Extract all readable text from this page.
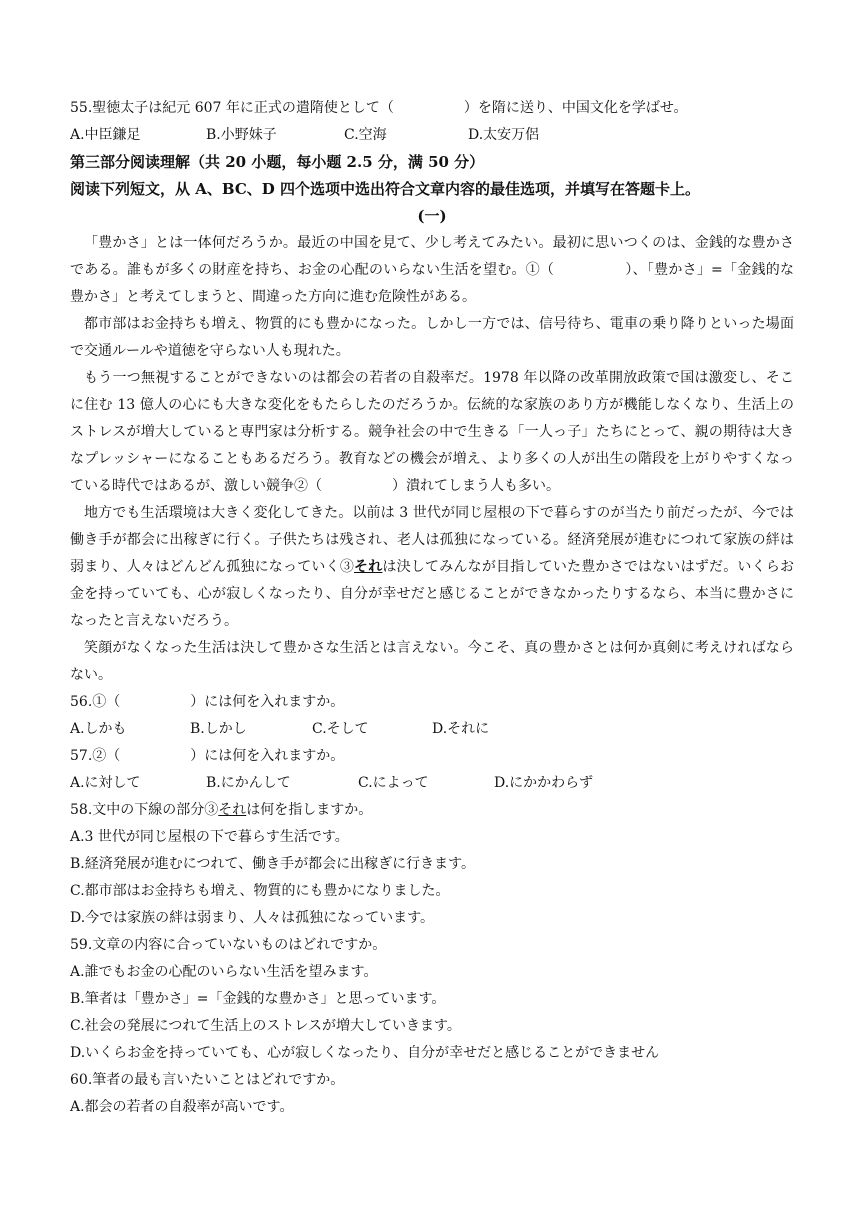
55.聖徳太子は紀元 607 年に正式の遣隋使として（　　　　　）を隋に送り、中国文化を学ばせ。
A.中臣鎌足	B.小野妹子	C.空海	D.太安万侶
第三部分阅读理解（共 20 小题，每小题 2.5 分，满 50 分）
阅读下列短文，从 A、BC、D 四个选项中选出符合文章内容的最佳选项，并填写在答题卡上。
(一)
「豊かさ」とは一体何だろうか。最近の中国を見て、少し考えてみたい。最初に思いつくのは、金銭的な豊かさである。誰もが多くの財産を持ち、お金の心配のいらない生活を望む。①（　　　　　）、「豊かさ」=「金銭的な豊かさ」と考えてしまうと、間違った方向に進む危険性がある。
都市部はお金持ちも増え、物質的にも豊かになった。しかし一方では、信号待ち、電車の乗り降りといった場面で交通ルールや道徳を守らない人も現れた。
もう一つ無視することができないのは都会の若者の自殺率だ。1978 年以降の改革開放政策で国は激変し、そこに住む 13 億人の心にも大きな変化をもたらしたのだろうか。伝統的な家族のあり方が機能しなくなり、生活上のストレスが増大していると専門家は分析する。競争社会の中で生きる「一人っ子」たちにとって、親の期待は大きなプレッシャーになることもあるだろう。教育などの機会が増え、より多くの人が出生の階段を上がりやすくなっている時代ではあるが、激しい競争②（　　　　　）潰れてしまう人も多い。
地方でも生活環境は大きく変化してきた。以前は 3 世代が同じ屋根の下で暮らすのが当たり前だったが、今では働き手が都会に出稼ぎに行く。子供たちは残され、老人は孤独になっている。経済発展が進むにつれて家族の絆は弱まり、人々はどんどん孤独になっていく③それは決してみんなが目指していた豊かさではないはずだ。いくらお金を持っていても、心が寂しくなったり、自分が幸せだと感じることができなかったりするなら、本当に豊かさになったと言えないだろう。
笑顔がなくなった生活は決して豊かさな生活とは言えない。今こそ、真の豊かさとは何か真剣に考えければならない。
56.①（　　　　　）には何を入れますか。
A.しかも	B.しかし	C.そして	D.それに
57.②（　　　　　）には何を入れますか。
A.に対して	B.にかんして	C.によって	D.にかかわらず
58.文中の下線の部分③それは何を指しますか。
A.3 世代が同じ屋根の下で暮らす生活です。
B.経済発展が進むにつれて、働き手が都会に出稼ぎに行きます。
C.都市部はお金持ちも増え、物質的にも豊かになりました。
D.今では家族の絆は弱まり、人々は孤独になっています。
59.文章の内容に合っていないものはどれですか。
A.誰でもお金の心配のいらない生活を望みます。
B.筆者は「豊かさ」=「金銭的な豊かさ」と思っています。
C.社会の発展につれて生活上のストレスが増大していきます。
D.いくらお金を持っていても、心が寂しくなったり、自分が幸せだと感じることができません
60.筆者の最も言いたいことはどれですか。
A.都会の若者の自殺率が高いです。
